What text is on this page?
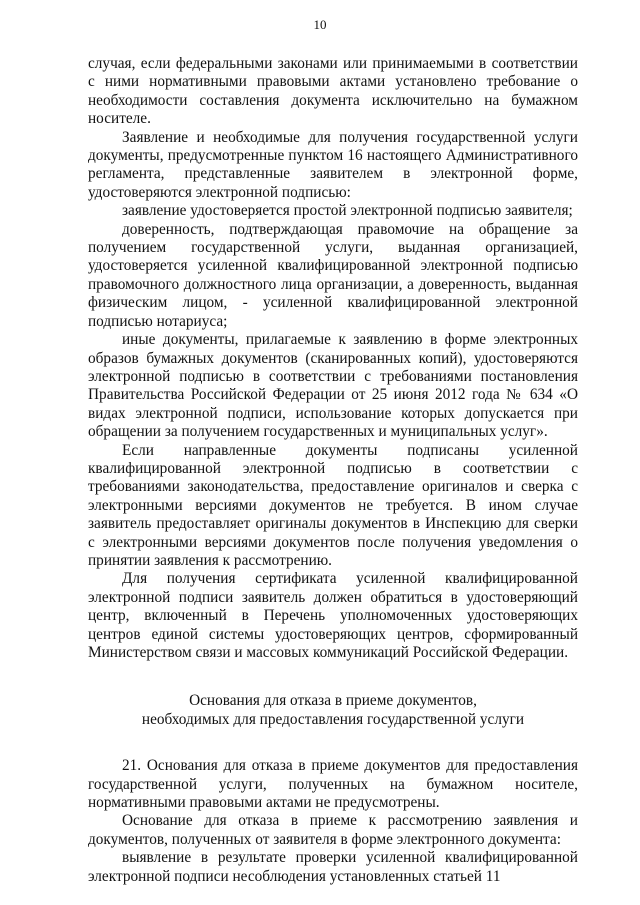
10

случая, если федеральными законами или принимаемыми в соответствии с ними нормативными правовыми актами установлено требование о необходимости составления документа исключительно на бумажном носителе.

Заявление и необходимые для получения государственной услуги документы, предусмотренные пунктом 16 настоящего Административного регламента, представленные заявителем в электронной форме, удостоверяются электронной подписью:

заявление удостоверяется простой электронной подписью заявителя;

доверенность, подтверждающая правомочие на обращение за получением государственной услуги, выданная организацией, удостоверяется усиленной квалифицированной электронной подписью правомочного должностного лица организации, а доверенность, выданная физическим лицом, - усиленной квалифицированной электронной подписью нотариуса;

иные документы, прилагаемые к заявлению в форме электронных образов бумажных документов (сканированных копий), удостоверяются электронной подписью в соответствии с требованиями постановления Правительства Российской Федерации от 25 июня 2012 года № 634 «О видах электронной подписи, использование которых допускается при обращении за получением государственных и муниципальных услуг».

Если направленные документы подписаны усиленной квалифицированной электронной подписью в соответствии с требованиями законодательства, предоставление оригиналов и сверка с электронными версиями документов не требуется. В ином случае заявитель предоставляет оригиналы документов в Инспекцию для сверки с электронными версиями документов после получения уведомления о принятии заявления к рассмотрению.

Для получения сертификата усиленной квалифицированной электронной подписи заявитель должен обратиться в удостоверяющий центр, включенный в Перечень уполномоченных удостоверяющих центров единой системы удостоверяющих центров, сформированный Министерством связи и массовых коммуникаций Российской Федерации.

Основания для отказа в приеме документов,
необходимых для предоставления государственной услуги

21. Основания для отказа в приеме документов для предоставления государственной услуги, полученных на бумажном носителе, нормативными правовыми актами не предусмотрены.

Основание для отказа в приеме к рассмотрению заявления и документов, полученных от заявителя в форме электронного документа:

выявление в результате проверки усиленной квалифицированной электронной подписи несоблюдения установленных статьей 11
